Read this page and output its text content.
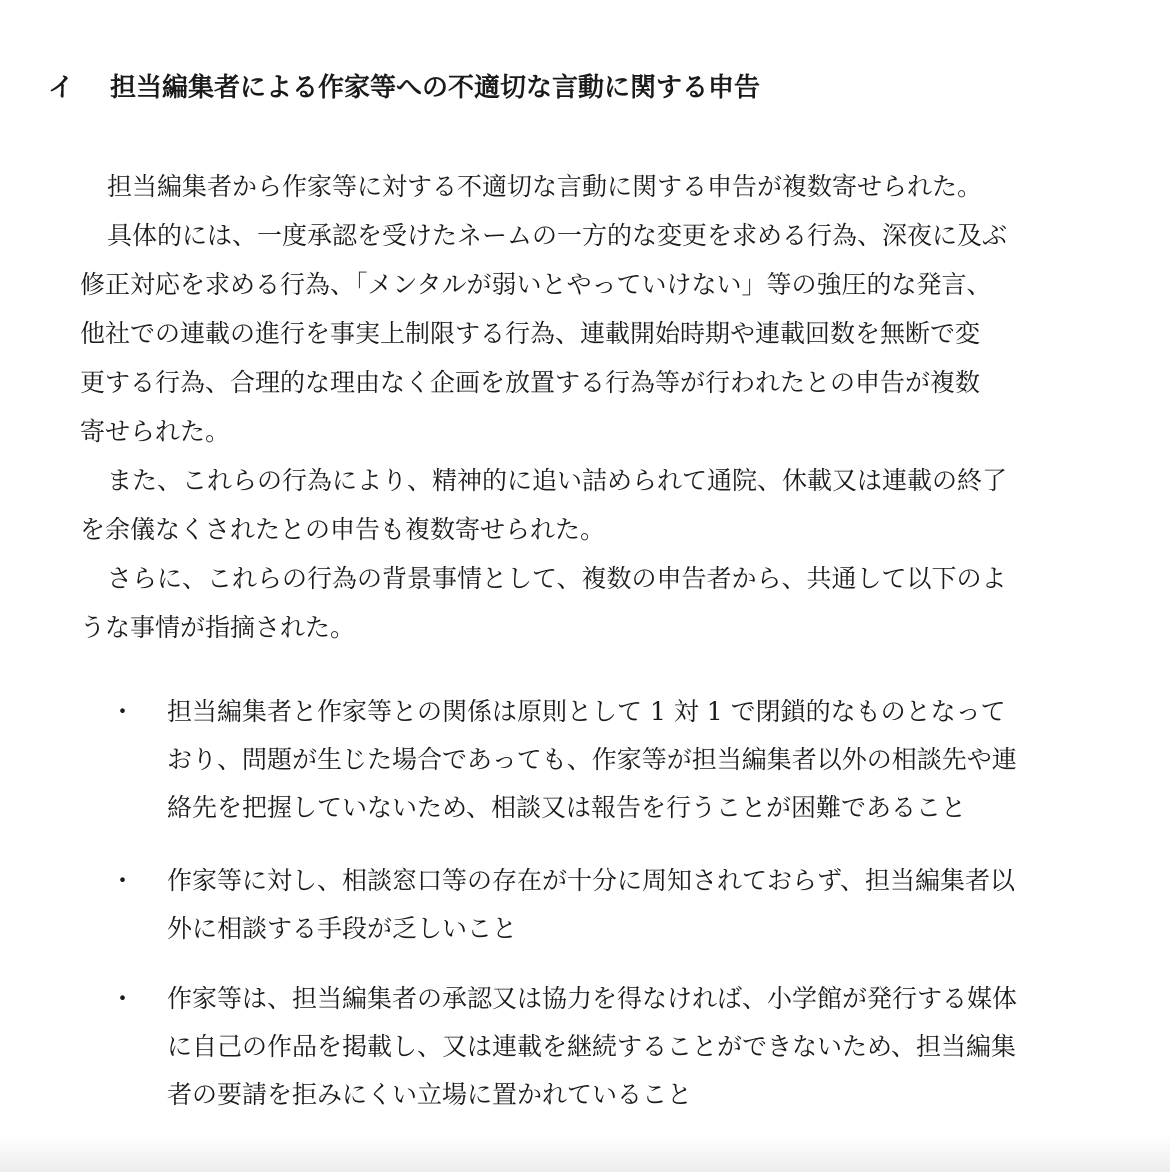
イ	担当編集者による作家等への不適切な言動に関する申告

担当編集者から作家等に対する不適切な言動に関する申告が複数寄せられた。

具体的には、一度承認を受けたネームの一方的な変更を求める行為、深夜に及ぶ

修正対応を求める行為、「メンタルが弱いとやっていけない」等の強圧的な発言、

他社での連載の進行を事実上制限する行為、連載開始時期や連載回数を無断で変

更する行為、合理的な理由なく企画を放置する行為等が行われたとの申告が複数

寄せられた。

また、これらの行為により、精神的に追い詰められて通院、休載又は連載の終了

を余儀なくされたとの申告も複数寄せられた。

さらに、これらの行為の背景事情として、複数の申告者から、共通して以下のよ

うな事情が指摘された。

・	担当編集者と作家等との関係は原則として 1 対 1 で閉鎖的なものとなって
おり、問題が生じた場合であっても、作家等が担当編集者以外の相談先や連
絡先を把握していないため、相談又は報告を行うことが困難であること
・	作家等に対し、相談窓口等の存在が十分に周知されておらず、担当編集者以
外に相談する手段が乏しいこと
・	作家等は、担当編集者の承認又は協力を得なければ、小学館が発行する媒体
に自己の作品を掲載し、又は連載を継続することができないため、担当編集
者の要請を拒みにくい立場に置かれていること
